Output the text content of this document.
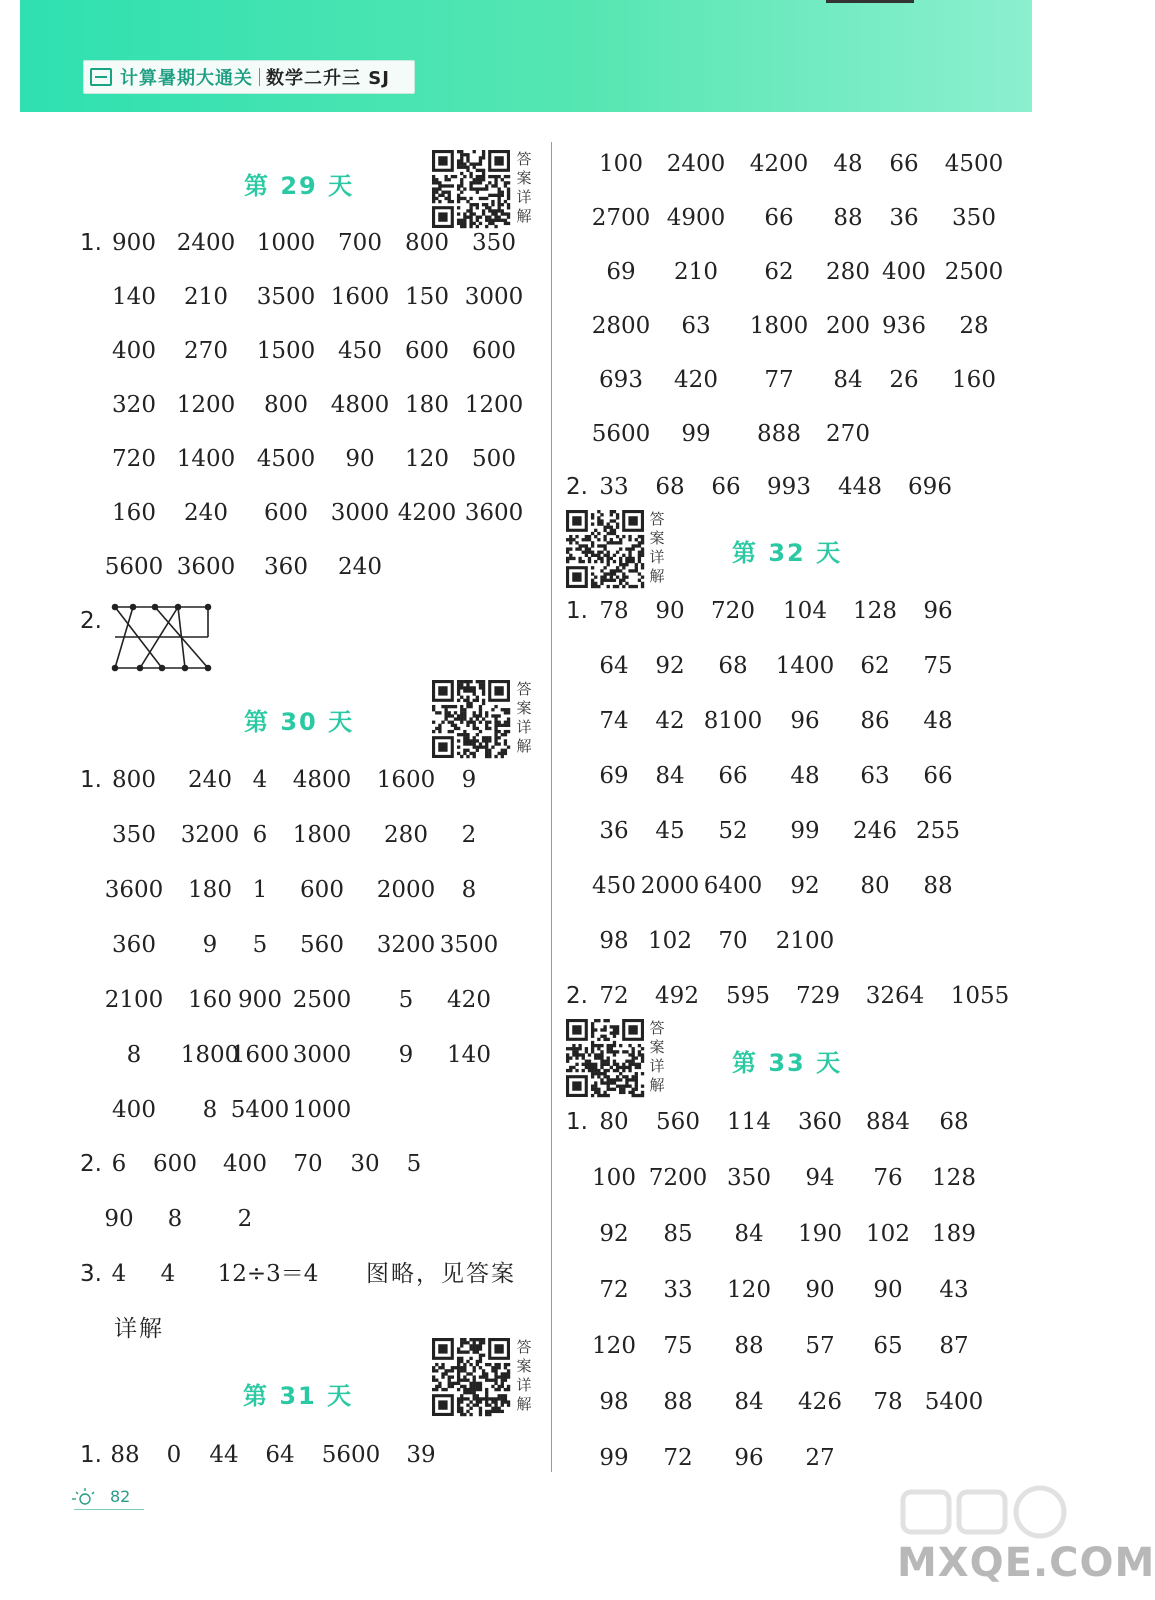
计算暑期大通关 数学二升三 SJ
第 29 天
答案详解
1. 900 2400 1000 700 800 350
140 210 3500 1600 150 3000
400 270 1500 450 600 600
320 1200 800 4800 180 1200
720 1400 4500 90 120 500
160 240 600 3000 4200 3600
5600 3600 360 240
2.
第 30 天
答案详解
1. 800 240 4 4800 1600 9
350 3200 6 1800 280 2
3600 180 1 600 2000 8
360 9 5 560 3200 3500
2100 160 900 2500 5 420
8 1800
1600 3000 9 140
400 8 5400 1000
2. 6 600 400 70 30 5
90 8 2
3. 4 4 12÷3＝4 图略，见答案
详解
第 31 天
答案详解
1. 88 0 44 64 5600 39
100 2400 4200 48 66 4500
2700 4900 66 88 36 350
69 210 62 280 400 2500
2800 63 1800 200 936 28
693 420 77 84 26 160
5600 99 888 270
2. 33 68 66 993 448 696
答案详解
第 32 天
1. 78 90 720 104 128 96
64 92 68 1400 62 75
74 42 8100 96 86 48
69 84 66 48 63 66
36 45 52 99 246 255
450 2000 6400 92 80 88
98 102 70 2100
2. 72 492 595 729 3264 1055
答案详解
第 33 天
1. 80 560 114 360 884 68
100 7200 350 94 76 128
92 85 84 190 102 189
72 33 120 90 90 43
120 75 88 57 65 87
98 88 84 426 78 5400
99 72 96 27
82
MXQE.COM
